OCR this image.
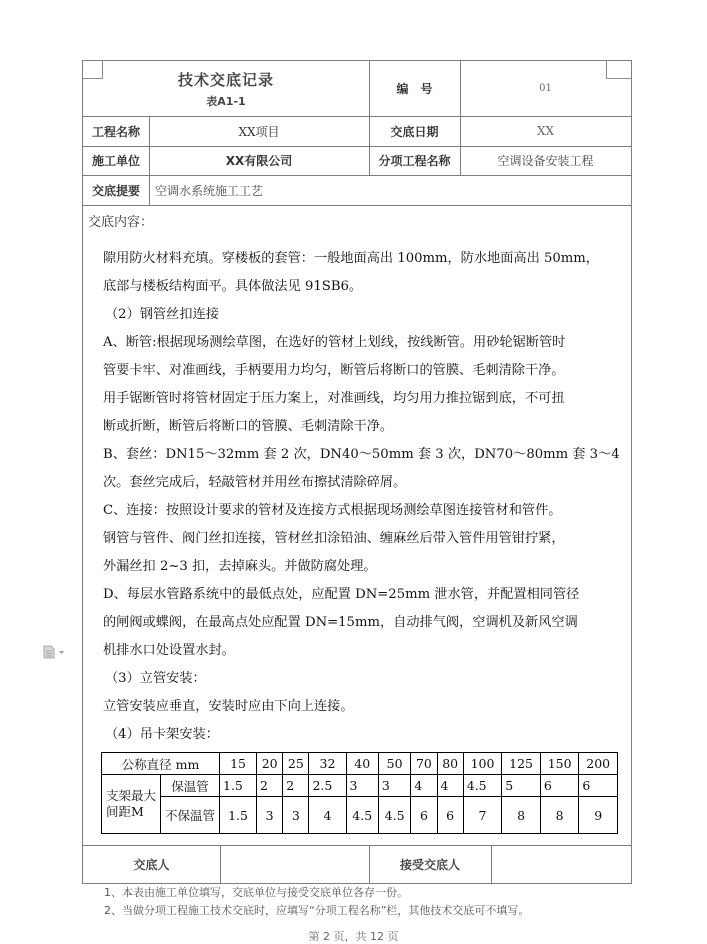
技术交底记录
表A1-1
编　号	01
工程名称	XX项目	交底日期	XX
施工单位	XX有限公司	分项工程名称	空调设备安装工程
交底提要	空调水系统施工工艺
交底内容：
交底人	接受交底人

隙用防火材料充填。穿楼板的套管：一般地面高出 100mm，防水地面高出 50mm，

底部与楼板结构面平。具体做法见 91SB6。

（2）钢管丝扣连接

A、断管:根据现场测绘草图，在选好的管材上划线，按线断管。用砂轮锯断管时

管要卡牢、对准画线，手柄要用力均匀，断管后将断口的管膜、毛刺清除干净。

用手锯断管时将管材固定于压力案上，对准画线，均匀用力推拉锯到底，不可扭

断或折断，断管后将断口的管膜、毛刺清除干净。

B、套丝：DN15～32mm 套 2 次，DN40～50mm 套 3 次，DN70～80mm 套 3～4

次。套丝完成后，轻敲管材并用丝布擦拭清除碎屑。

C、连接：按照设计要求的管材及连接方式根据现场测绘草图连接管材和管件。

钢管与管件、阀门丝扣连接，管材丝扣涂铅油、缠麻丝后带入管件用管钳拧紧，

外漏丝扣 2~3 扣，去掉麻头。并做防腐处理。

D、每层水管路系统中的最低点处，应配置 DN=25mm 泄水管，并配置相同管径

的闸阀或蝶阀，在最高点处应配置 DN=15mm，自动排气阀，空调机及新风空调

机排水口处设置水封。

（3）立管安装：

立管安装应垂直，安装时应由下向上连接。

（4）吊卡架安装：

公称直径 mm		15	20	25	32	40	50	70	80	100	125	150	200
支架最大间距M	保温管	1.5	2	2	2.5	3	3	4	4	4.5	5	6	6
	不保温管	1.5	3	3	4	4.5	4.5	6	6	7	8	8	9
1、本表由施工单位填写，交底单位与接受交底单位各存一份。
2、当做分项工程施工技术交底时，应填写“分项工程名称”栏，其他技术交底可不填写。
第 2 页，共 12 页
